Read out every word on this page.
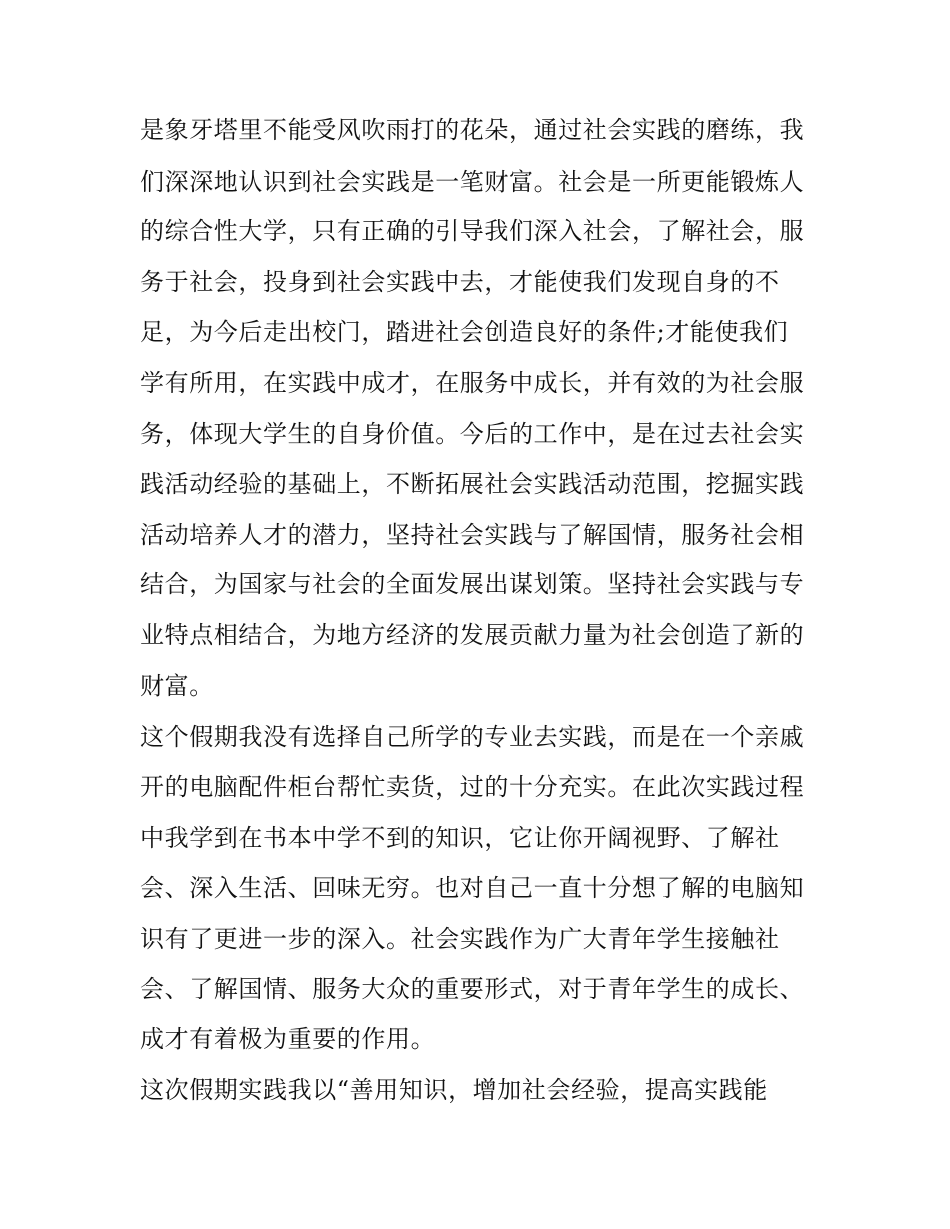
是象牙塔里不能受风吹雨打的花朵，通过社会实践的磨练，我
们深深地认识到社会实践是一笔财富。社会是一所更能锻炼人
的综合性大学，只有正确的引导我们深入社会，了解社会，服
务于社会，投身到社会实践中去，才能使我们发现自身的不
足，为今后走出校门，踏进社会创造良好的条件;才能使我们
学有所用，在实践中成才，在服务中成长，并有效的为社会服
务，体现大学生的自身价值。今后的工作中，是在过去社会实
践活动经验的基础上，不断拓展社会实践活动范围，挖掘实践
活动培养人才的潜力，坚持社会实践与了解国情，服务社会相
结合，为国家与社会的全面发展出谋划策。坚持社会实践与专
业特点相结合，为地方经济的发展贡献力量为社会创造了新的
财富。
这个假期我没有选择自己所学的专业去实践，而是在一个亲戚
开的电脑配件柜台帮忙卖货，过的十分充实。在此次实践过程
中我学到在书本中学不到的知识，它让你开阔视野、了解社
会、深入生活、回味无穷。也对自己一直十分想了解的电脑知
识有了更进一步的深入。社会实践作为广大青年学生接触社
会、了解国情、服务大众的重要形式，对于青年学生的成长、
成才有着极为重要的作用。
这次假期实践我以“善用知识，增加社会经验，提高实践能
